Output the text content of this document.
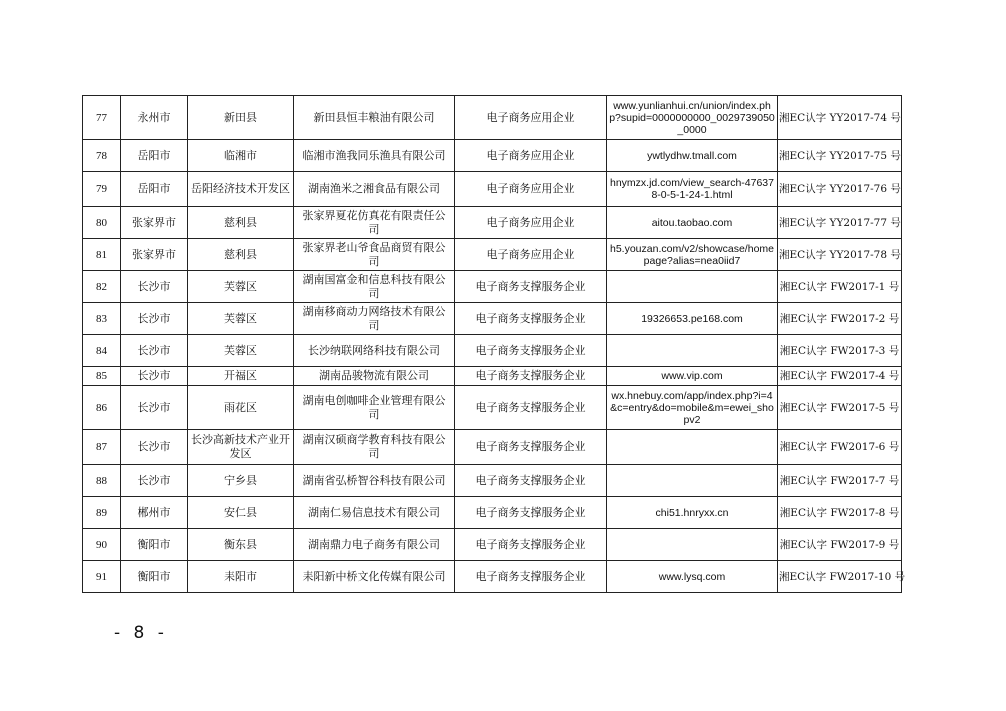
77	永州市	新田县	新田县恒丰粮油有限公司	电子商务应用企业	www.yunlianhui.cn/union/index.php?supid=0000000000_0029739050_0000	湘EC认字 YY2017-74 号
78	岳阳市	临湘市	临湘市渔我同乐渔具有限公司	电子商务应用企业	ywtlydhw.tmall.com	湘EC认字 YY2017-75 号
79	岳阳市	岳阳经济技术开发区	湖南渔米之湘食品有限公司	电子商务应用企业	hnymzx.jd.com/view_search-476378-0-5-1-24-1.html	湘EC认字 YY2017-76 号
80	张家界市	慈利县	张家界夏花仿真花有限责任公司	电子商务应用企业	aitou.taobao.com	湘EC认字 YY2017-77 号
81	张家界市	慈利县	张家界老山爷食品商贸有限公司	电子商务应用企业	h5.youzan.com/v2/showcase/homepage?alias=nea0iid7	湘EC认字 YY2017-78 号
82	长沙市	芙蓉区	湖南国富金和信息科技有限公司	电子商务支撑服务企业		湘EC认字 FW2017-1 号
83	长沙市	芙蓉区	湖南移商动力网络技术有限公司	电子商务支撑服务企业	19326653.pe168.com	湘EC认字 FW2017-2 号
84	长沙市	芙蓉区	长沙纳联网络科技有限公司	电子商务支撑服务企业		湘EC认字 FW2017-3 号
85	长沙市	开福区	湖南品骏物流有限公司	电子商务支撑服务企业	www.vip.com	湘EC认字 FW2017-4 号
86	长沙市	雨花区	湖南电创咖啡企业管理有限公司	电子商务支撑服务企业	wx.hnebuy.com/app/index.php?i=4&c=entry&do=mobile&m=ewei_shopv2	湘EC认字 FW2017-5 号
87	长沙市	长沙高新技术产业开发区	湖南汉硕商学教育科技有限公司	电子商务支撑服务企业		湘EC认字 FW2017-6 号
88	长沙市	宁乡县	湖南省弘桥智谷科技有限公司	电子商务支撑服务企业		湘EC认字 FW2017-7 号
89	郴州市	安仁县	湖南仁易信息技术有限公司	电子商务支撑服务企业	chi51.hnryxx.cn	湘EC认字 FW2017-8 号
90	衡阳市	衡东县	湖南鼎力电子商务有限公司	电子商务支撑服务企业		湘EC认字 FW2017-9 号
91	衡阳市	耒阳市	耒阳新中桥文化传媒有限公司	电子商务支撑服务企业	www.lysq.com	湘EC认字 FW2017-10 号
- 8 -
